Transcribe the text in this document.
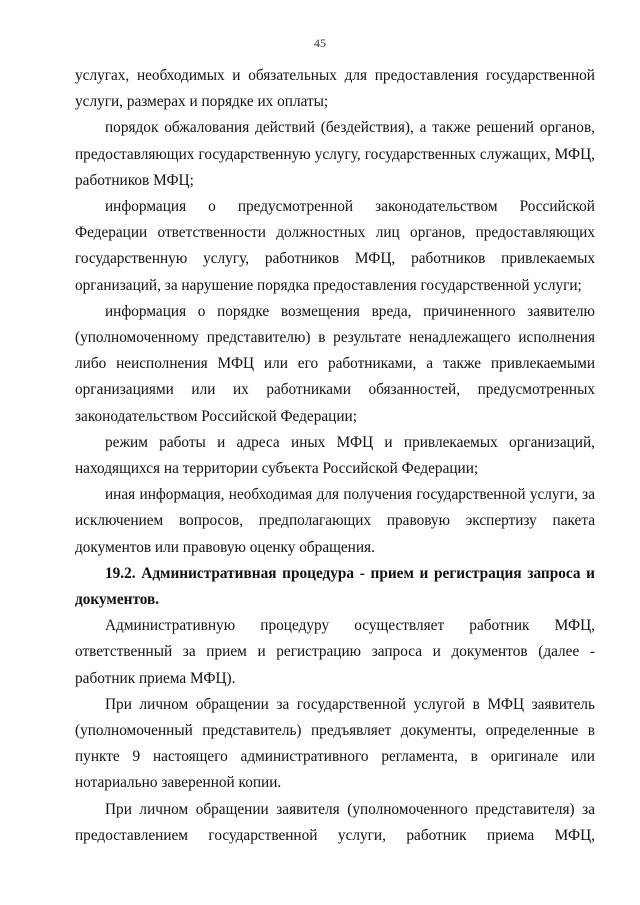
45

услугах, необходимых и обязательных для предоставления государственной услуги, размерах и порядке их оплаты;

порядок обжалования действий (бездействия), а также решений органов, предоставляющих государственную услугу, государственных служащих, МФЦ, работников МФЦ;

информация о предусмотренной законодательством Российской Федерации ответственности должностных лиц органов, предоставляющих государственную услугу, работников МФЦ, работников привлекаемых организаций, за нарушение порядка предоставления государственной услуги;

информация о порядке возмещения вреда, причиненного заявителю (уполномоченному представителю) в результате ненадлежащего исполнения либо неисполнения МФЦ или его работниками, а также привлекаемыми организациями или их работниками обязанностей, предусмотренных законодательством Российской Федерации;

режим работы и адреса иных МФЦ и привлекаемых организаций, находящихся на территории субъекта Российской Федерации;

иная информация, необходимая для получения государственной услуги, за исключением вопросов, предполагающих правовую экспертизу пакета документов или правовую оценку обращения.

19.2. Административная процедура - прием и регистрация запроса и документов.

Административную процедуру осуществляет работник МФЦ, ответственный за прием и регистрацию запроса и документов (далее - работник приема МФЦ).

При личном обращении за государственной услугой в МФЦ заявитель (уполномоченный представитель) предъявляет документы, определенные в пункте 9 настоящего административного регламента, в оригинале или нотариально заверенной копии.

При личном обращении заявителя (уполномоченного представителя) за предоставлением государственной услуги, работник приема МФЦ,
